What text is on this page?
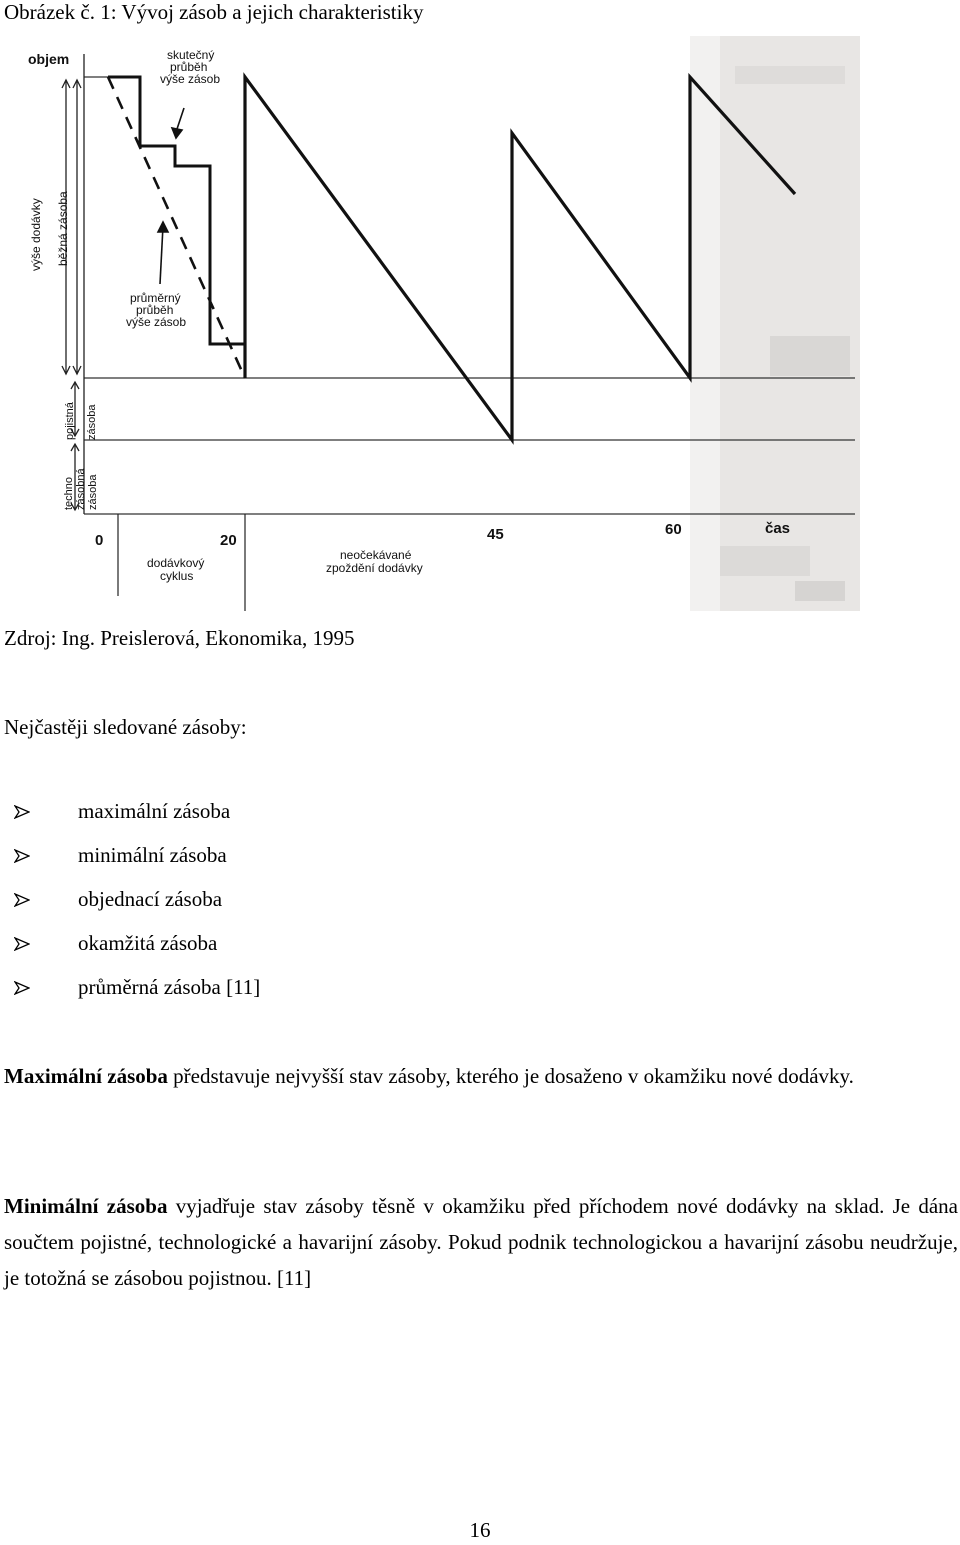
Obrázek č. 1: Vývoj zásob a jejich charakteristiky
objem	skutečný
průběh
výše zásob
průměrný
průběh
výše zásob
výše dodávky běžná zásoba
pojistná zásoba
techno zásobná zásoba
0	20	45	60	čas
dodávkový
cyklus
neočekávané
zpoždění dodávky
Zdroj: Ing. Preislerová, Ekonomika, 1995
Nejčastěji sledované zásoby:
maximální zásoba
minimální zásoba
objednací zásoba
okamžitá zásoba
průměrná zásoba [11]

Maximální zásoba představuje nejvyšší stav zásoby, kterého je dosaženo v okamžiku nové dodávky.

Minimální zásoba vyjadřuje stav zásoby těsně v okamžiku před příchodem nové dodávky na sklad. Je dána součtem pojistné, technologické a havarijní zásoby. Pokud podnik technologickou a havarijní zásobu neudržuje, je totožná se zásobou pojistnou. [11]

16
